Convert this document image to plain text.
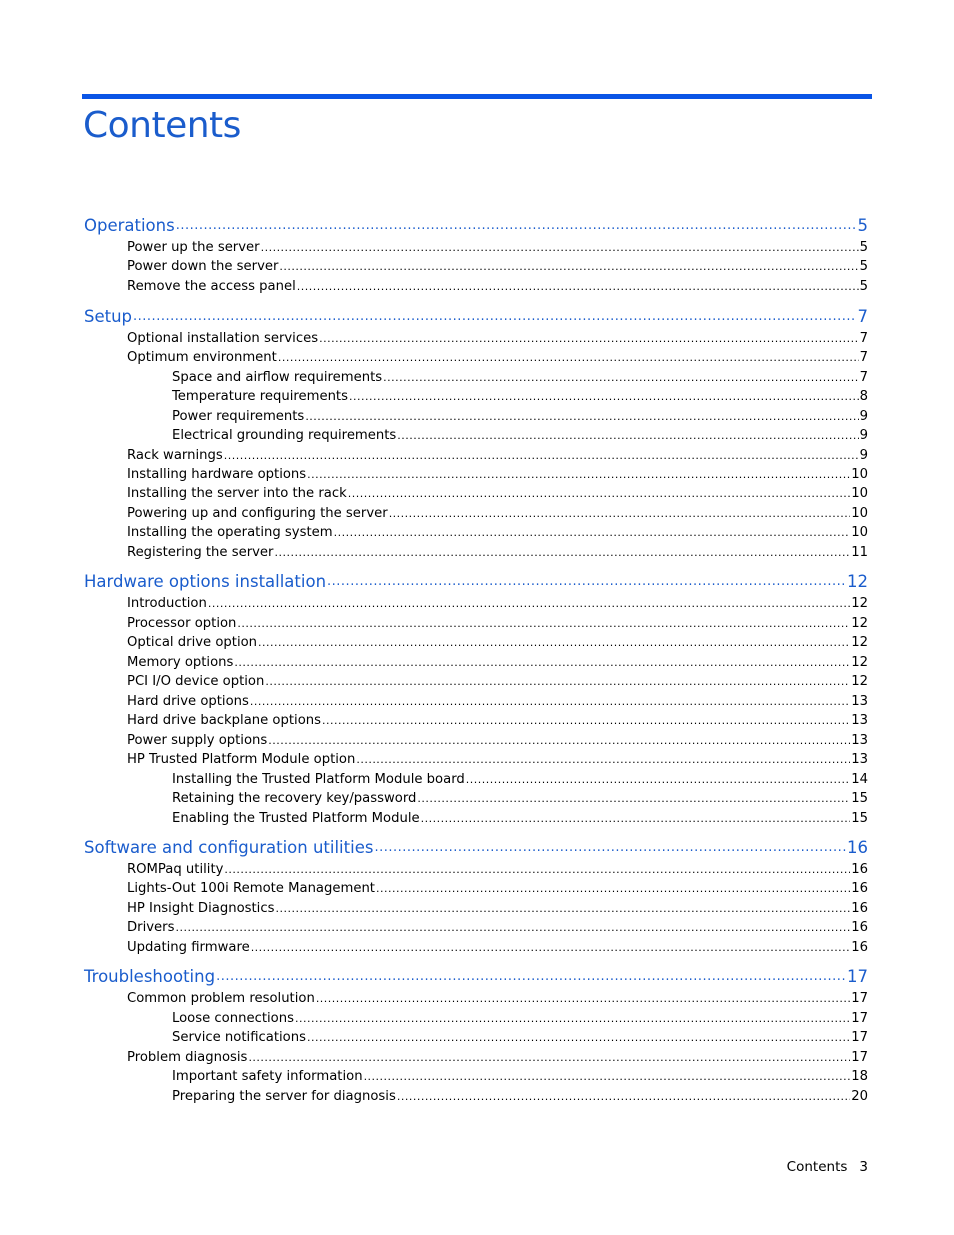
Contents
Operations .....	5
Power up the server .....	5
Power down the server .....	5
Remove the access panel .....	5
Setup .....	7
Optional installation services .....	7
Optimum environment .....	7
Space and airflow requirements .....	7
Temperature requirements .....	8
Power requirements .....	9
Electrical grounding requirements .....	9
Rack warnings .....	9
Installing hardware options .....	10
Installing the server into the rack .....	10
Powering up and configuring the server .....	10
Installing the operating system .....	10
Registering the server .....	11
Hardware options installation .....	12
Introduction .....	12
Processor option .....	12
Optical drive option .....	12
Memory options .....	12
PCI I/O device option .....	12
Hard drive options .....	13
Hard drive backplane options .....	13
Power supply options .....	13
HP Trusted Platform Module option .....	13
Installing the Trusted Platform Module board .....	14
Retaining the recovery key/password .....	15
Enabling the Trusted Platform Module .....	15
Software and configuration utilities .....	16
ROMPaq utility .....	16
Lights-Out 100i Remote Management .....	16
HP Insight Diagnostics .....	16
Drivers .....	16
Updating firmware .....	16
Troubleshooting .....	17
Common problem resolution .....	17
Loose connections .....	17
Service notifications .....	17
Problem diagnosis .....	17
Important safety information .....	18
Preparing the server for diagnosis .....	20
Contents 3
